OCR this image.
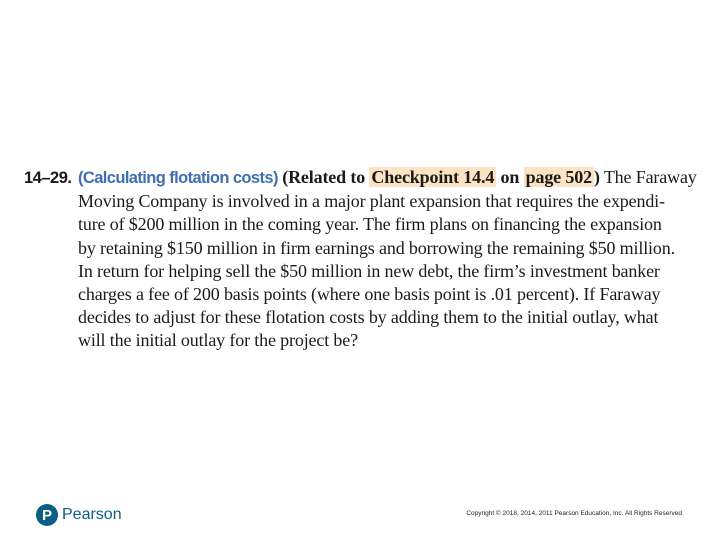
14–29. (Calculating flotation costs) (Related to Checkpoint 14.4 on page 502 ) The Faraway
Moving Company is involved in a major plant expansion that requires the expendi-
ture of $200 million in the coming year. The firm plans on financing the expansion
by retaining $150 million in firm earnings and borrowing the remaining $50 million.
In return for helping sell the $50 million in new debt, the firm’s investment banker
charges a fee of 200 basis points (where one basis point is .01 percent). If Faraway
decides to adjust for these flotation costs by adding them to the initial outlay, what
will the initial outlay for the project be?
P Pearson	Copyright © 2018, 2014, 2011 Pearson Education, Inc. All Rights Reserved
